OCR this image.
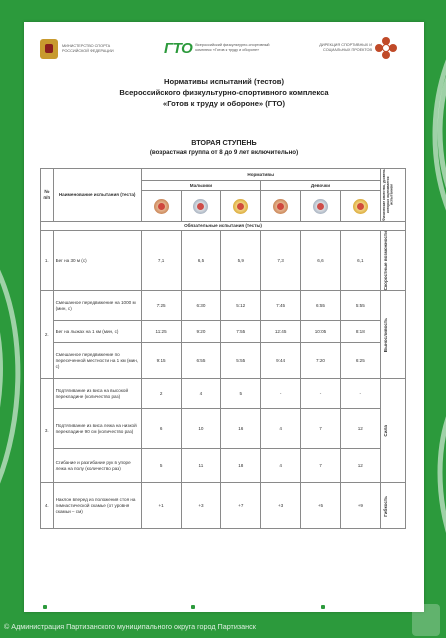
МИНИСТЕРСТВО СПОРТА РОССИЙСКОЙ ФЕДЕРАЦИИ	ГТО Всероссийский физкультурно-спортивный комплекс «Готов к труду и обороне»
ДИРЕКЦИЯ СПОРТИВНЫХ И СОЦИАЛЬНЫХ ПРОЕКТОВ
Нормативы испытаний (тестов)
Всероссийского физкультурно-спортивного комплекса
«Готов к труду и обороне» (ГТО)
ВТОРАЯ СТУПЕНЬ
(возрастная группа от 8 до 9 лет включительно)
№ п/п	Наименование испытания (теста)	Нормативы						Физические качества, уровень которых оценивается испытанием

		Мальчики			Девочки			

Обязательные испытания (тесты)								
1.	Бег на 30 м (с)	7,1	6,5	5,9	7,3	6,6	6,1	Скоростные возможности

2.	Смешанное передвижение на 1000 м (мин, с)	7:25	6:30	5:12	7:45	6:55	5:55	Выносливость

	Бег на лыжах на 1 км (мин, с)	11:25	9:20	7:55	12:45	10:05	8:18	
	Смешанное передвижение по пересеченной местности на 1 км (мин, с)	9:15	6:55	5:55	9:44	7:20	6:25	
3.	Подтягивание из виса на высокой перекладине (количество раз)	2	4	5	-	-	-	Сила

	Подтягивание из виса лежа на низкой перекладине 90 см (количество раз)	6	10	16	4	7	12	
	Сгибание и разгибание рук в упоре лежа на полу (количество раз)	5	11	18	4	7	12	
4.	Наклон вперед из положения стоя на гимнастической скамье (от уровня скамьи – см)	+1	+3	+7	+3	+5	+9	Гибкость
8-800-350-00-00	www.gto.ru	vk.com/rfsl_gto
© Администрация Партизанского муниципального округа город Партизанск
